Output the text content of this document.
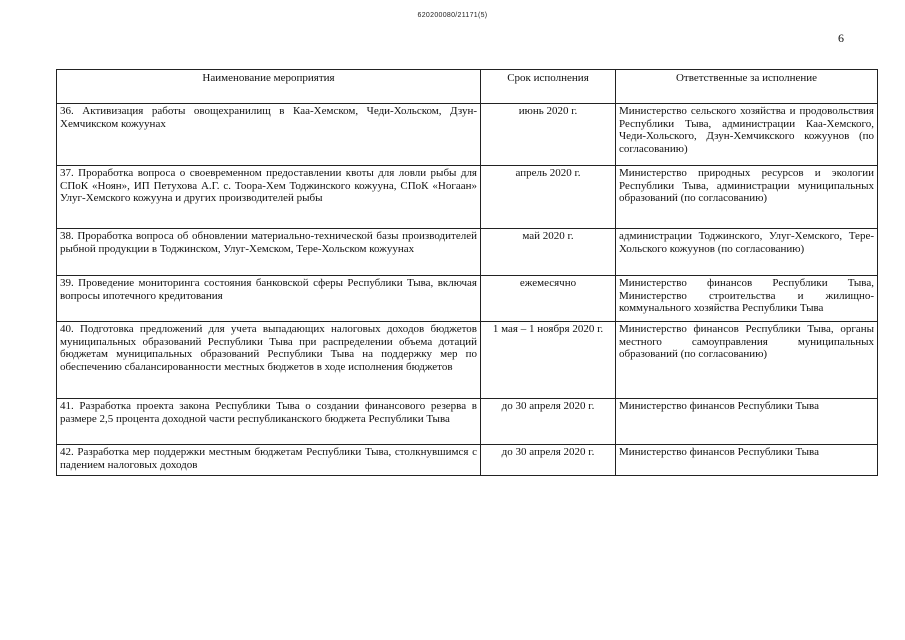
620200080/21171(5)
6
Наименование мероприятия	Срок исполнения	Ответственные за исполнение
36. Активизация работы овощехранилищ в Каа-Хемском, Чеди-Хольском, Дзун-Хемчикском кожуунах	июнь 2020 г.	Министерство сельского хозяйства и продовольствия Республики Тыва, администрации Каа-Хемского, Чеди-Хольского, Дзун-Хемчикского кожуунов (по согласованию)
37. Проработка вопроса о своевременном предоставлении квоты для ловли рыбы для СПоК «Ноян», ИП Петухова А.Г. с. Тоора-Хем Тоджинского кожууна, СПоК «Ногаан» Улуг-Хемского кожууна и других производителей рыбы	апрель 2020 г.	Министерство природных ресурсов и экологии Республики Тыва, администрации муниципальных образований (по согласованию)
38. Проработка вопроса об обновлении материально-технической базы производителей рыбной продукции в Тоджинском, Улуг-Хемском, Тере-Хольском кожуунах	май 2020 г.	администрации Тоджинского, Улуг-Хемского, Тере-Хольского кожуунов (по согласованию)
39. Проведение мониторинга состояния банковской сферы Республики Тыва, включая вопросы ипотечного кредитования	ежемесячно	Министерство финансов Республики Тыва, Министерство строительства и жилищно-коммунального хозяйства Республики Тыва
40. Подготовка предложений для учета выпадающих налоговых доходов бюджетов муниципальных образований Республики Тыва при распределении объема дотаций бюджетам муниципальных образований Республики Тыва на поддержку мер по обеспечению сбалансированности местных бюджетов в ходе исполнения бюджетов	1 мая – 1 ноября 2020 г.	Министерство финансов Республики Тыва, органы местного самоуправления муниципальных образований (по согласованию)
41. Разработка проекта закона Республики Тыва о создании финансового резерва в размере 2,5 процента доходной части республиканского бюджета Республики Тыва	до 30 апреля 2020 г.	Министерство финансов Республики Тыва
42. Разработка мер поддержки местным бюджетам Республики Тыва, столкнувшимся с падением налоговых доходов	до 30 апреля 2020 г.	Министерство финансов Республики Тыва
